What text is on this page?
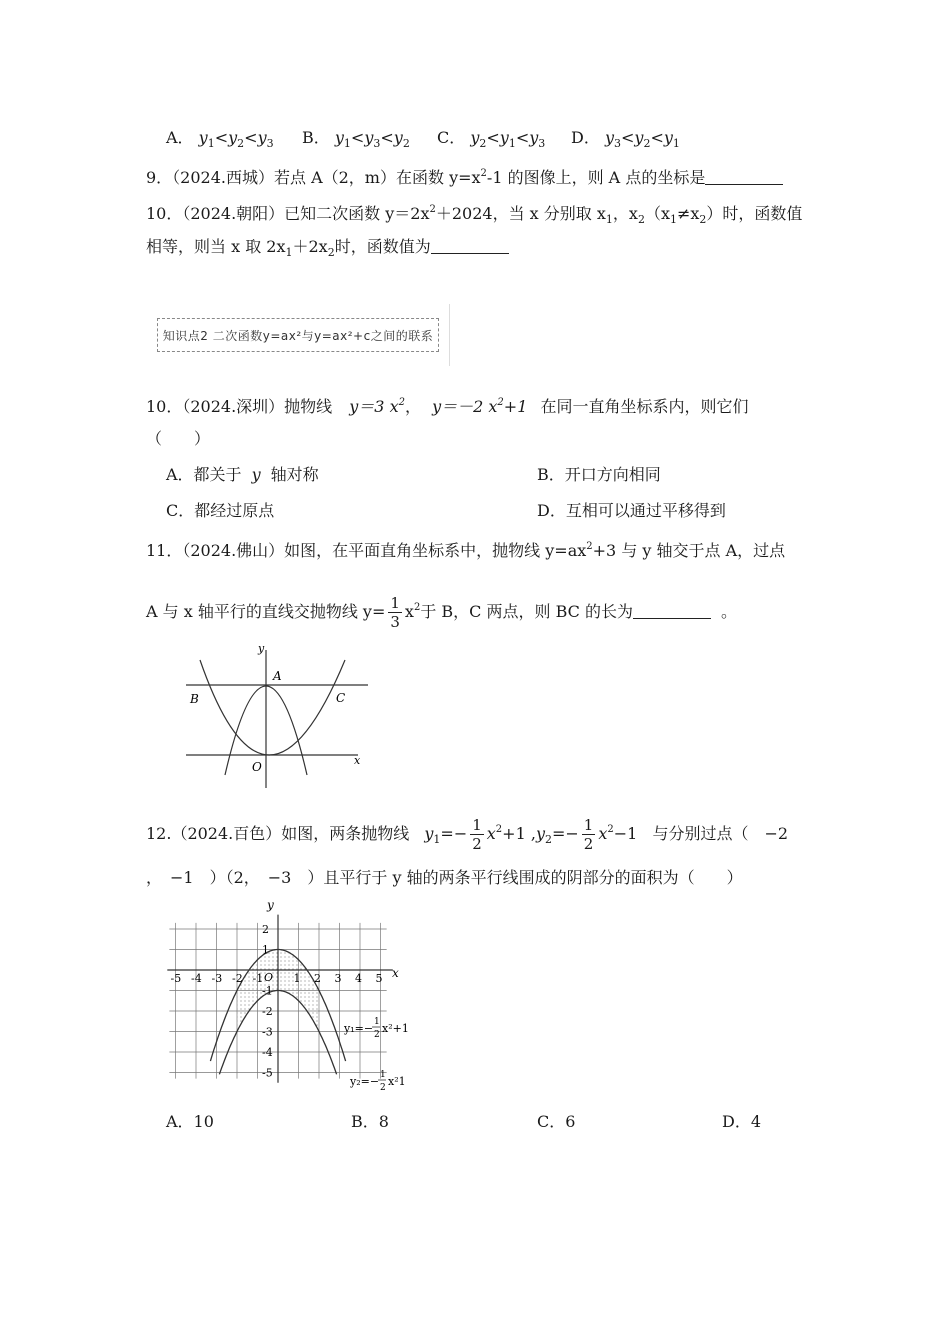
A． $y_1<y_2<y_3$ B． $y_1<y_3<y_2$ C． $y_2<y_1<y_3$ D． $y_3<y_2<y_1$
9．（2024.西城）若点 A（2，m）在函数 $y=x^2-1$ 的图像上，则 A 点的坐标是
10．（2024.朝阳）已知二次函数 $y=2x^2+2024$，当 x 分别取 $x_1$，$x_2(x_1\ne x_2)$时，函数值
相等，则当 x 取 $2x_1+2x_2$时，函数值为
知识点2 二次函数y=ax²与y=ax²+c之间的联系
10．（2024.深圳）抛物线 y＝3 $x^2$， y＝－2 $x^2+1$ 在同一直角坐标系内，则它们
（　　）
A．都关于 y 轴对称	B．开口方向相同
C．都经过原点	D．互相可以通过平移得到
11．（2024.佛山）如图，在平面直角坐标系中，抛物线 $y=ax^2+3$ 与 y 轴交于点 A，过点
A 与 x 轴平行的直线交抛物线 $y= \frac{1}{3} x^2$于 B，C 两点，则 BC 的长为	。
y
A
B	C
O	x
12.（2024.百色）如图，两条抛物线 $y_1=- \frac{1}{2} x^2+1$ $,y_2=- \frac{1}{2} x^2-1$ 与分别过点（　−2
，　−1　）（2，　−3　）且平行于 y 轴的两条平行线围成的阴部分的面积为（　　）
-5 -4 -3 -2 -1	1 2 3 4 5
2
1
-1
-2
-3
-4
-5
y
x
O
y₁=− 1
2 x²+1
y₂=− 1
2 x²1
A．10	B．8	C．6	D．4
